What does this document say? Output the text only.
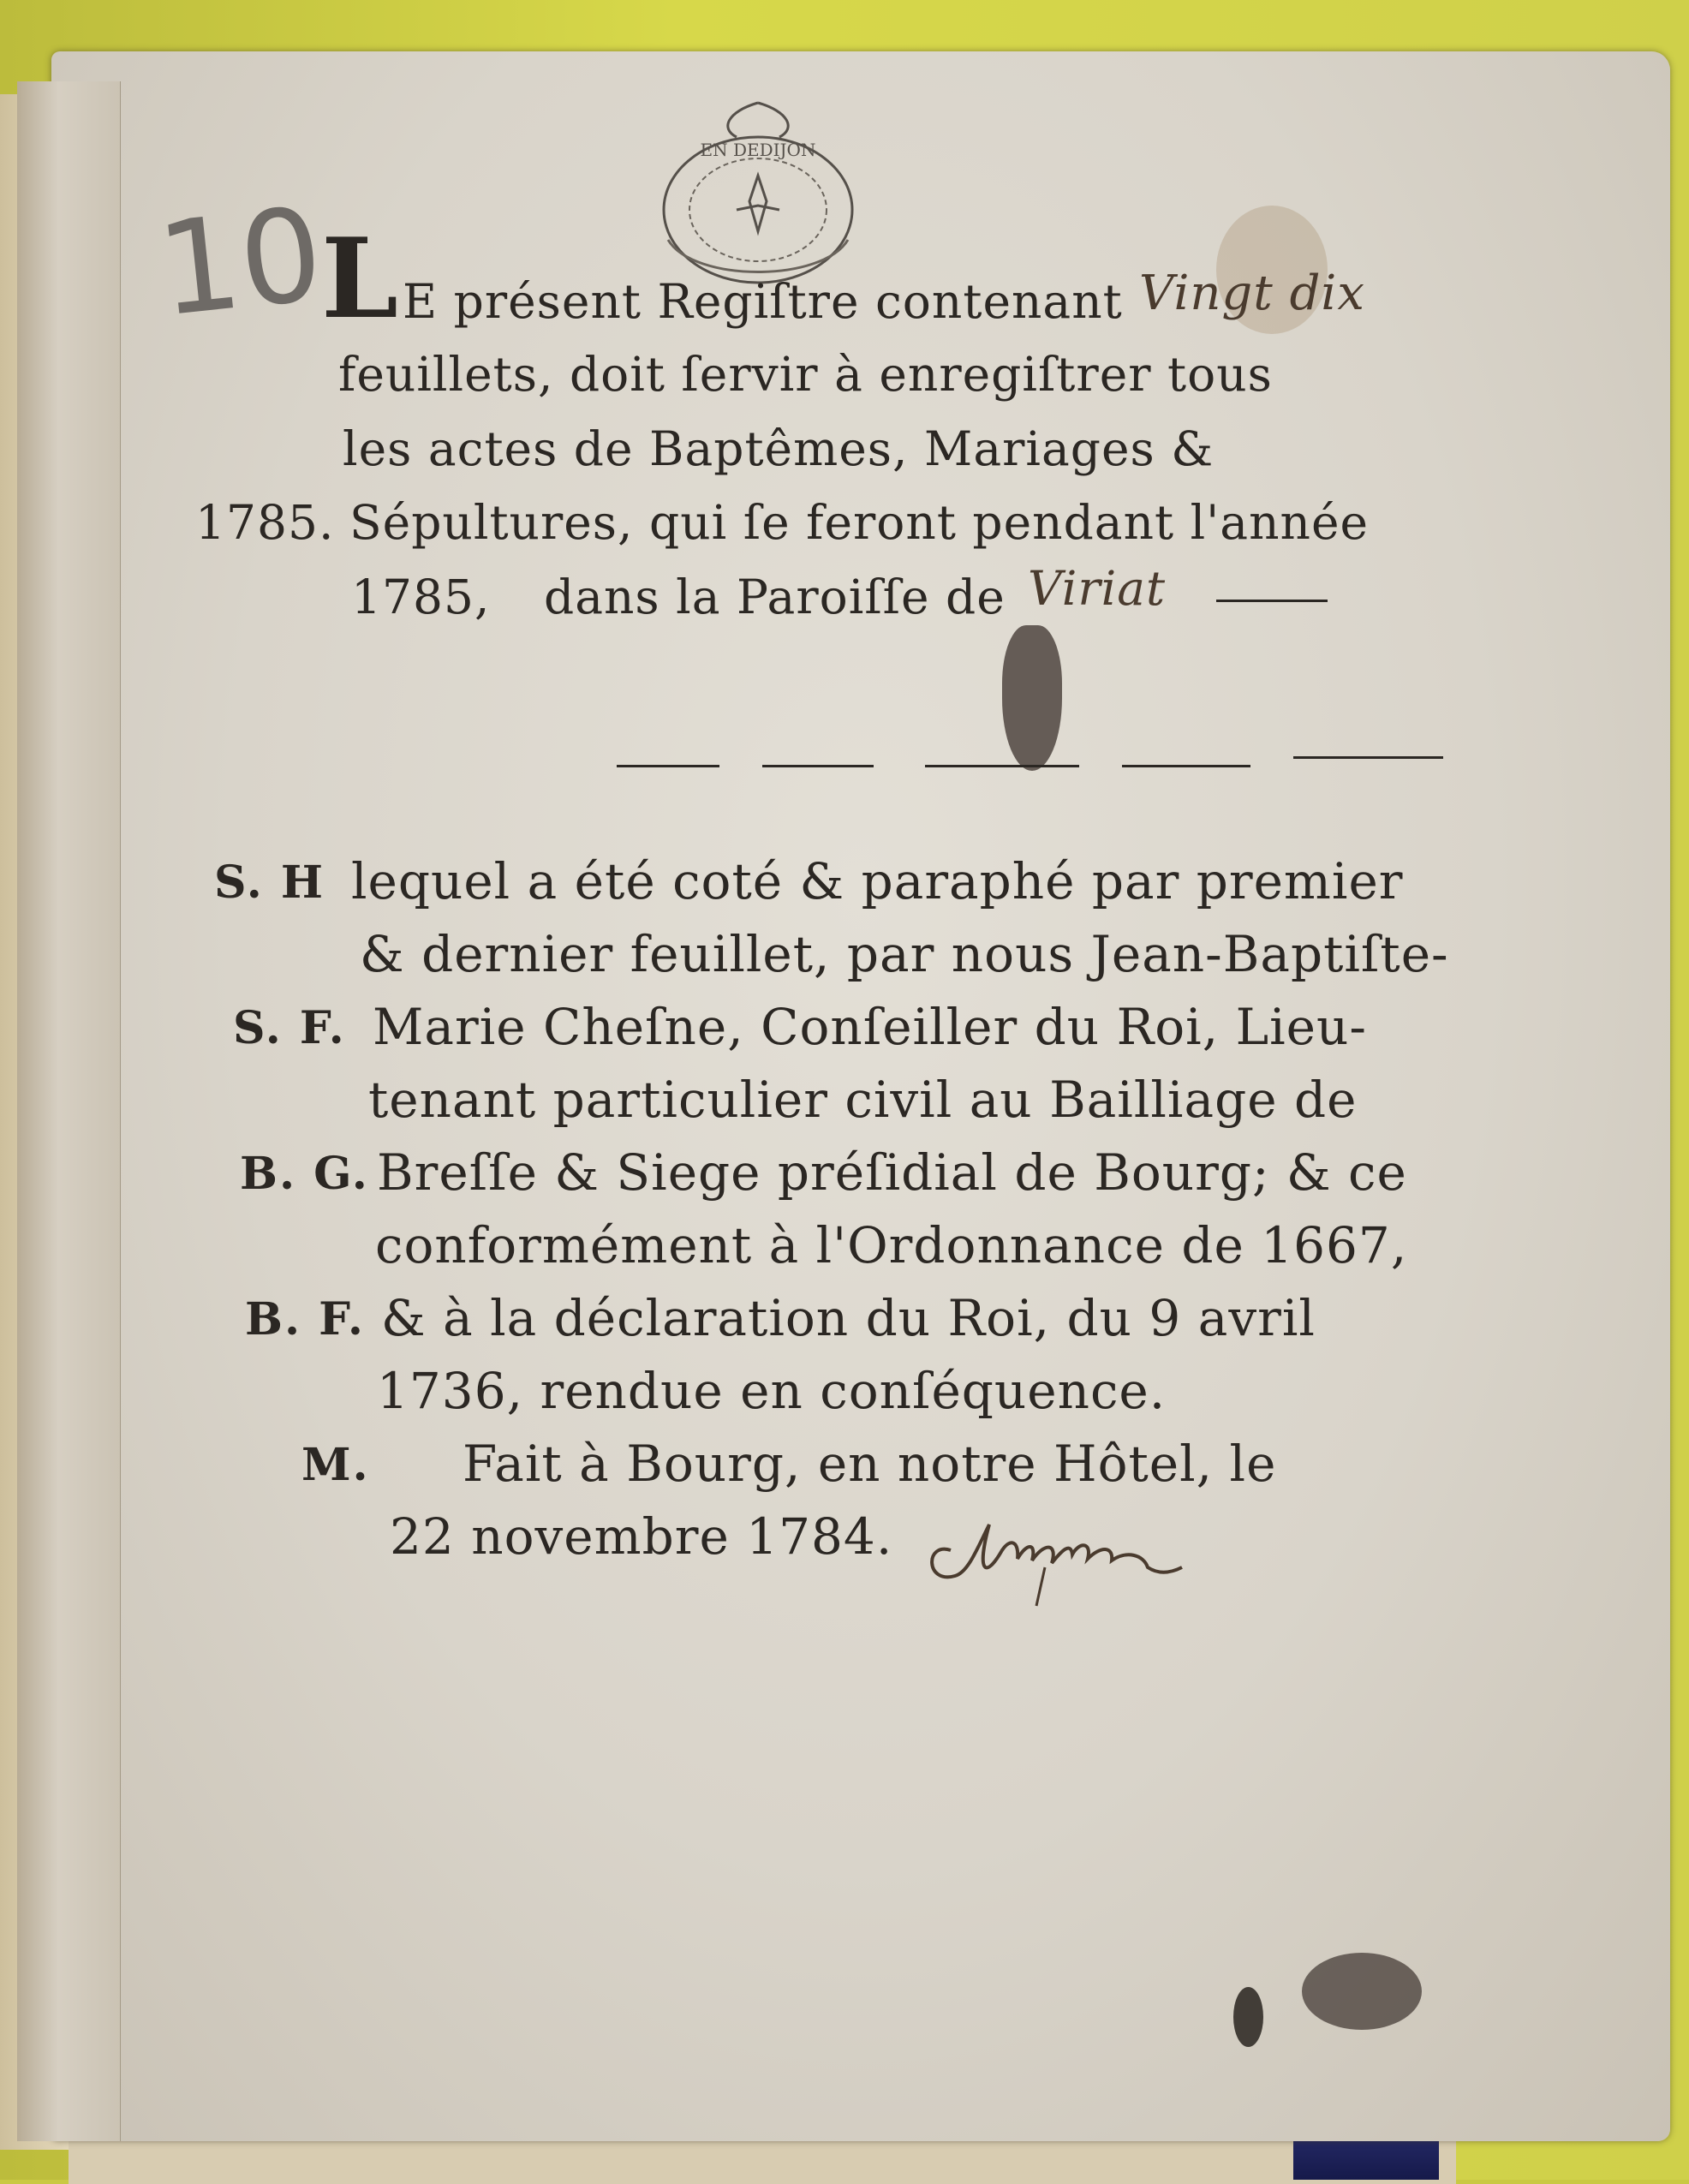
10
EN DEDIJON
L E présent Regiſtre contenant Vingt dix
feuillets, doit ſervir à enregiſtrer tous
les actes de Baptêmes, Mariages &
1785. Sépultures, qui ſe feront pendant l'année
1785, dans la Paroiſſe de Viriat
S. H lequel a été coté & paraphé par premier
& dernier feuillet, par nous Jean-Baptiſte-
S. F. Marie Cheſne, Conſeiller du Roi, Lieu-
tenant particulier civil au Bailliage de
B. G. Breſſe & Siege préſidial de Bourg; & ce
conformément à l'Ordonnance de 1667,
B. F. & à la déclaration du Roi, du 9 avril
1736, rendue en conſéquence.
M. Fait à Bourg, en notre Hôtel, le
22 novembre 1784.
